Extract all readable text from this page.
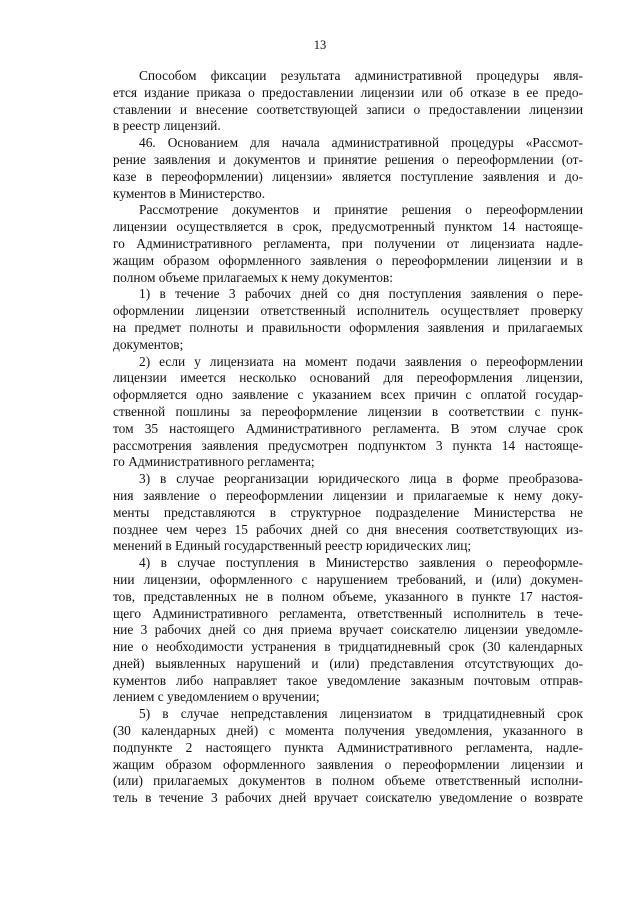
13

Способом фиксации результата административной процедуры явля-
ется издание приказа о предоставлении лицензии или об отказе в ее предо-
ставлении и внесение соответствующей записи о предоставлении лицензии
в реестр лицензий.

46. Основанием для начала административной процедуры «Рассмот-
рение заявления и документов и принятие решения о переоформлении (от-
казе в переоформлении) лицензии» является поступление заявления и до-
кументов в Министерство.

Рассмотрение документов и принятие решения о переоформлении
лицензии осуществляется в срок, предусмотренный пунктом 14 настояще-
го Административного регламента, при получении от лицензиата надле-
жащим образом оформленного заявления о переоформлении лицензии и в
полном объеме прилагаемых к нему документов:

1) в течение 3 рабочих дней со дня поступления заявления о пере-
оформлении лицензии ответственный исполнитель осуществляет проверку
на предмет полноты и правильности оформления заявления и прилагаемых
документов;

2) если у лицензиата на момент подачи заявления о переоформлении
лицензии имеется несколько оснований для переоформления лицензии,
оформляется одно заявление с указанием всех причин с оплатой государ-
ственной пошлины за переоформление лицензии в соответствии с пунк-
том 35 настоящего Административного регламента. В этом случае срок
рассмотрения заявления предусмотрен подпунктом 3 пункта 14 настояще-
го Административного регламента;

3) в случае реорганизации юридического лица в форме преобразова-
ния заявление о переоформлении лицензии и прилагаемые к нему доку-
менты представляются в структурное подразделение Министерства не
позднее чем через 15 рабочих дней со дня внесения соответствующих из-
менений в Единый государственный реестр юридических лиц;

4) в случае поступления в Министерство заявления о переоформле-
нии лицензии, оформленного с нарушением требований, и (или) докумен-
тов, представленных не в полном объеме, указанного в пункте 17 настоя-
щего Административного регламента, ответственный исполнитель в тече-
ние 3 рабочих дней со дня приема вручает соискателю лицензии уведомле-
ние о необходимости устранения в тридцатидневный срок (30 календарных
дней) выявленных нарушений и (или) представления отсутствующих до-
кументов либо направляет такое уведомление заказным почтовым отправ-
лением с уведомлением о вручении;

5) в случае непредставления лицензиатом в тридцатидневный срок
(30 календарных дней) с момента получения уведомления, указанного в
подпункте 2 настоящего пункта Административного регламента, надле-
жащим образом оформленного заявления о переоформлении лицензии и
(или) прилагаемых документов в полном объеме ответственный исполни-
тель в течение 3 рабочих дней вручает соискателю уведомление о возврате
